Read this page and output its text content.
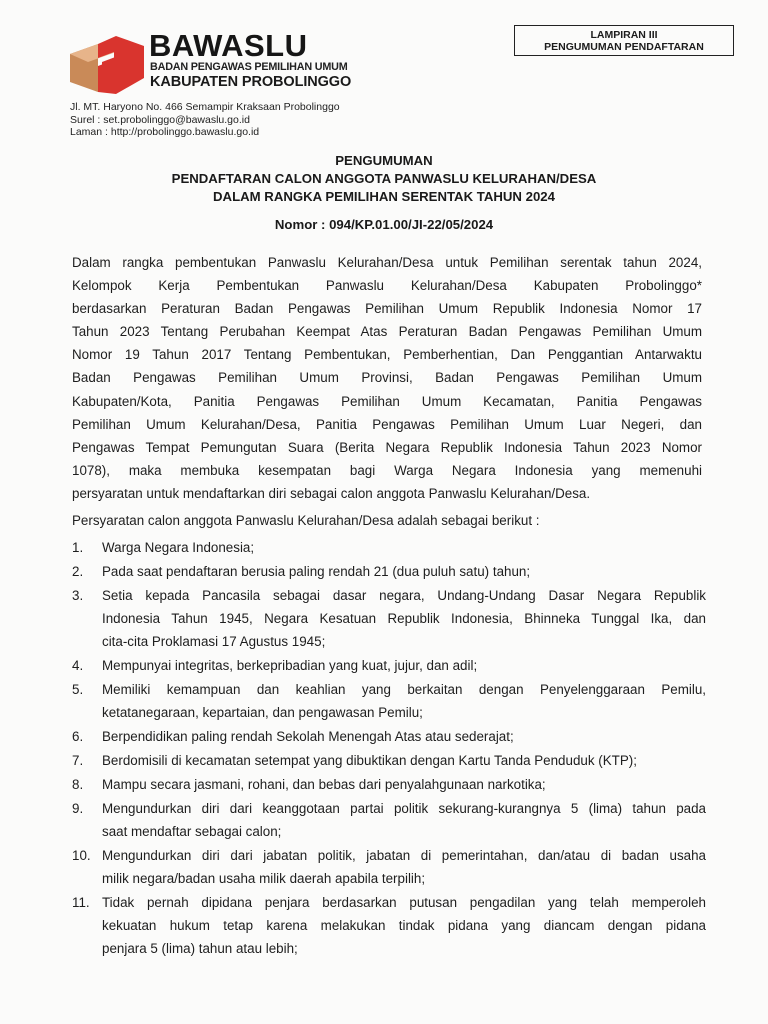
LAMPIRAN III
PENGUMUMAN PENDAFTARAN
BAWASLU
BADAN PENGAWAS PEMILIHAN UMUM
KABUPATEN PROBOLINGGO
Jl. MT. Haryono No. 466 Semampir Kraksaan Probolinggo
Surel : set.probolinggo@bawaslu.go.id
Laman : http://probolinggo.bawaslu.go.id
PENGUMUMAN
PENDAFTARAN CALON ANGGOTA PANWASLU KELURAHAN/DESA
DALAM RANGKA PEMILIHAN SERENTAK TAHUN 2024
Nomor : 094/KP.01.00/JI-22/05/2024
Dalam rangka pembentukan Panwaslu Kelurahan/Desa untuk Pemilihan serentak tahun 2024,
Kelompok Kerja Pembentukan Panwaslu Kelurahan/Desa Kabupaten Probolinggo*
berdasarkan Peraturan Badan Pengawas Pemilihan Umum Republik Indonesia Nomor 17
Tahun 2023 Tentang Perubahan Keempat Atas Peraturan Badan Pengawas Pemilihan Umum
Nomor 19 Tahun 2017 Tentang Pembentukan, Pemberhentian, Dan Penggantian Antarwaktu
Badan Pengawas Pemilihan Umum Provinsi, Badan Pengawas Pemilihan Umum
Kabupaten/Kota, Panitia Pengawas Pemilihan Umum Kecamatan, Panitia Pengawas
Pemilihan Umum Kelurahan/Desa, Panitia Pengawas Pemilihan Umum Luar Negeri, dan
Pengawas Tempat Pemungutan Suara (Berita Negara Republik Indonesia Tahun 2023 Nomor
1078), maka membuka kesempatan bagi Warga Negara Indonesia yang memenuhi
persyaratan untuk mendaftarkan diri sebagai calon anggota Panwaslu Kelurahan/Desa.
Persyaratan calon anggota Panwaslu Kelurahan/Desa adalah sebagai berikut :
1.	Warga Negara Indonesia;
2.	Pada saat pendaftaran berusia paling rendah 21 (dua puluh satu) tahun;
3.	Setia kepada Pancasila sebagai dasar negara, Undang-Undang Dasar Negara Republik
Indonesia Tahun 1945, Negara Kesatuan Republik Indonesia, Bhinneka Tunggal Ika, dan
cita-cita Proklamasi 17 Agustus 1945;
4.	Mempunyai integritas, berkepribadian yang kuat, jujur, dan adil;
5.	Memiliki kemampuan dan keahlian yang berkaitan dengan Penyelenggaraan Pemilu,
ketatanegaraan, kepartaian, dan pengawasan Pemilu;
6.	Berpendidikan paling rendah Sekolah Menengah Atas atau sederajat;
7.	Berdomisili di kecamatan setempat yang dibuktikan dengan Kartu Tanda Penduduk (KTP);
8.	Mampu secara jasmani, rohani, dan bebas dari penyalahgunaan narkotika;
9.	Mengundurkan diri dari keanggotaan partai politik sekurang-kurangnya 5 (lima) tahun pada
saat mendaftar sebagai calon;
10. Mengundurkan diri dari jabatan politik, jabatan di pemerintahan, dan/atau di badan usaha
milik negara/badan usaha milik daerah apabila terpilih;
11. Tidak pernah dipidana penjara berdasarkan putusan pengadilan yang telah memperoleh
kekuatan hukum tetap karena melakukan tindak pidana yang diancam dengan pidana
penjara 5 (lima) tahun atau lebih;
